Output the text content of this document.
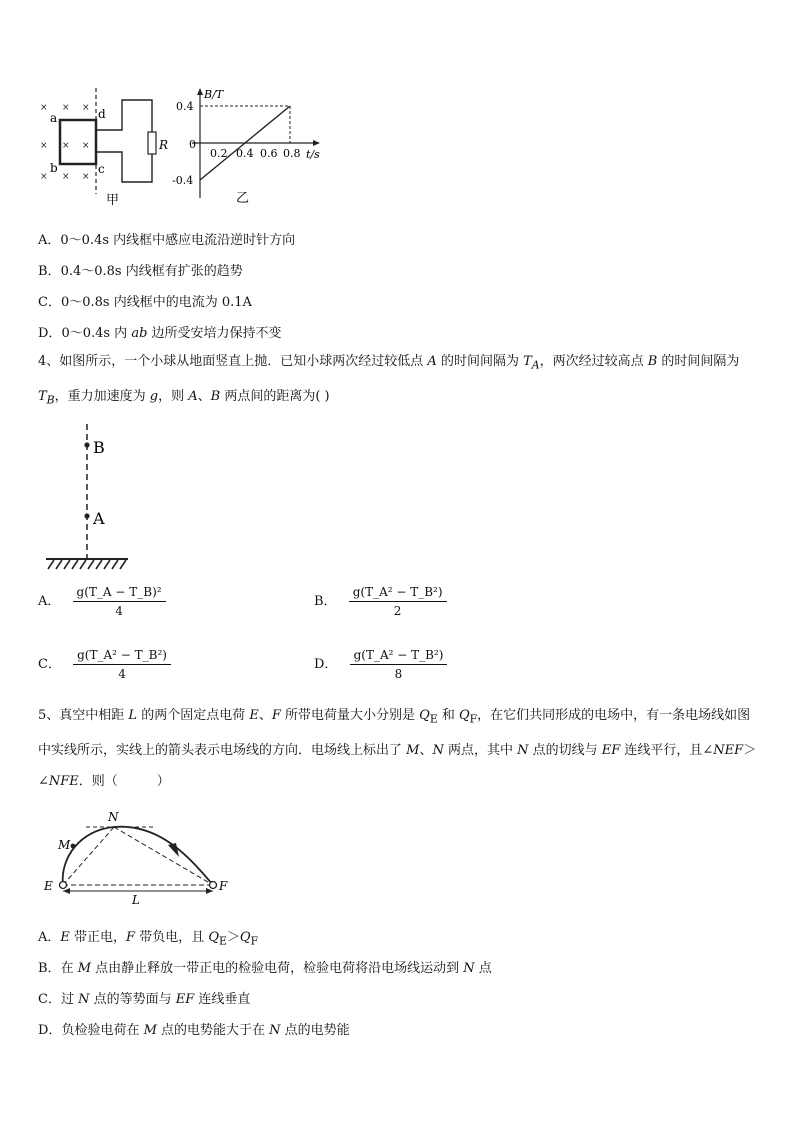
× × ×
× × ×
× × ×
a
b
d
c
R
甲
B/T
t/s
0
0.4
-0.4
0.2 0.4 0.6 0.8
乙
A．0～0.4s 内线框中感应电流沿逆时针方向
B．0.4～0.8s 内线框有扩张的趋势
C．0～0.8s 内线框中的电流为 0.1A
D．0～0.4s 内 ab 边所受安培力保持不变
4、如图所示，一个小球从地面竖直上抛．已知小球两次经过较低点 A 的时间间隔为 $T_A$，两次经过较高点 B 的时间间隔为 $T_B$，重力加速度为 g，则 A、B 两点间的距离为( )
B
A
A． $\frac{\text{g(T\_A − T\_B)²}}{4}$	B． $\frac{\text{g(T\_A² − T\_B²)}}{2}$
C． $\frac{\text{g(T\_A² − T\_B²)}}{4}$	D． $\frac{\text{g(T\_A² − T\_B²)}}{8}$
5、真空中相距 L 的两个固定点电荷 E、F 所带电荷量大小分别是 $Q_E$ 和 $Q_F$，在它们共同形成的电场中，有一条电场线如图中实线所示，实线上的箭头表示电场线的方向．电场线上标出了 M、N 两点，其中 N 点的切线与 EF 连线平行，且∠NEF＞∠NFE．则（　　　）
N
M
E	F
L
A．E 带正电，F 带负电，且 $Q_E>Q_F$
B．在 M 点由静止释放一带正电的检验电荷，检验电荷将沿电场线运动到 N 点
C．过 N 点的等势面与 EF 连线垂直
D．负检验电荷在 M 点的电势能大于在 N 点的电势能
